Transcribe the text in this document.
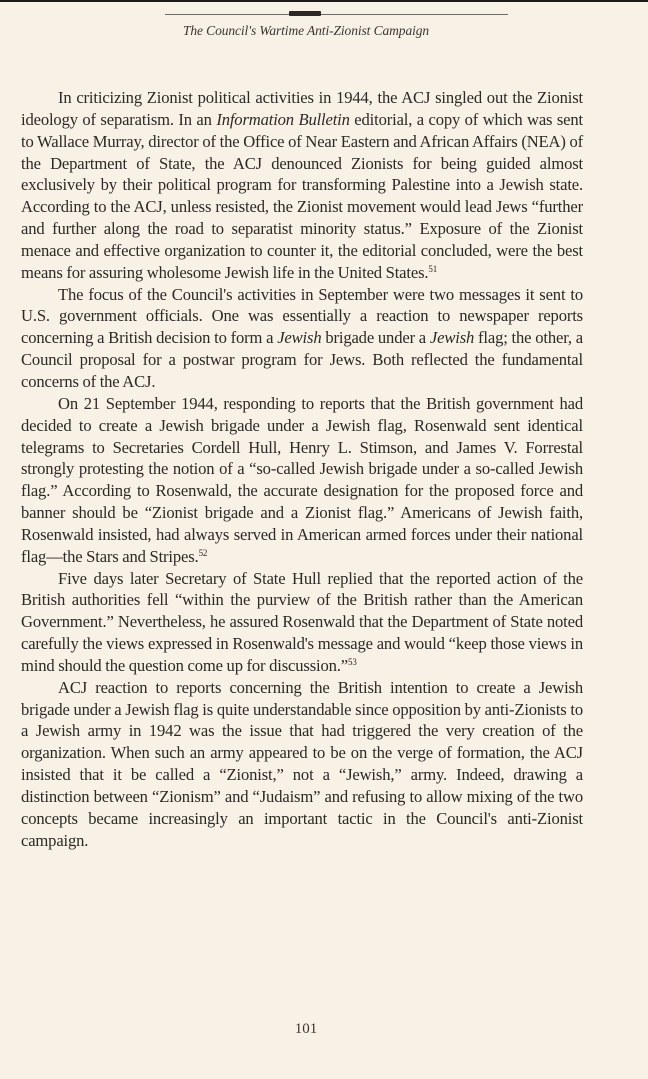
The Council's Wartime Anti-Zionist Campaign

In criticizing Zionist political activities in 1944, the ACJ singled out the Zionist ideology of separatism. In an Information Bulletin editorial, a copy of which was sent to Wallace Murray, director of the Office of Near Eastern and African Affairs (NEA) of the Department of State, the ACJ denounced Zionists for being guided almost exclusively by their political program for transforming Palestine into a Jewish state. According to the ACJ, unless resisted, the Zionist movement would lead Jews “further and further along the road to separatist minority status.” Exposure of the Zionist menace and effective organization to counter it, the editorial concluded, were the best means for assuring wholesome Jewish life in the United States.$^{51}$

The focus of the Council's activities in September were two messages it sent to U.S. government officials. One was essentially a reaction to newspaper reports concerning a British decision to form a Jewish brigade under a Jewish flag; the other, a Council proposal for a postwar program for Jews. Both reflected the fundamental concerns of the ACJ.

On 21 September 1944, responding to reports that the British government had decided to create a Jewish brigade under a Jewish flag, Rosenwald sent identical telegrams to Secretaries Cordell Hull, Henry L. Stimson, and James V. Forrestal strongly protesting the notion of a “so-called Jewish brigade under a so-called Jewish flag.” According to Rosenwald, the accurate designation for the proposed force and banner should be “Zionist brigade and a Zionist flag.” Americans of Jewish faith, Rosenwald insisted, had always served in American armed forces under their national flag—the Stars and Stripes.$^{52}$

Five days later Secretary of State Hull replied that the reported action of the British authorities fell “within the purview of the British rather than the American Government.” Nevertheless, he assured Rosenwald that the Department of State noted carefully the views expressed in Rosenwald's message and would “keep those views in mind should the question come up for discussion.”$^{53}$

ACJ reaction to reports concerning the British intention to create a Jewish brigade under a Jewish flag is quite understandable since opposition by anti-Zionists to a Jewish army in 1942 was the issue that had triggered the very creation of the organization. When such an army appeared to be on the verge of formation, the ACJ insisted that it be called a “Zionist,” not a “Jewish,” army. Indeed, drawing a distinction between “Zionism” and “Judaism” and refusing to allow mixing of the two concepts became increasingly an important tactic in the Council's anti-Zionist campaign.

101
